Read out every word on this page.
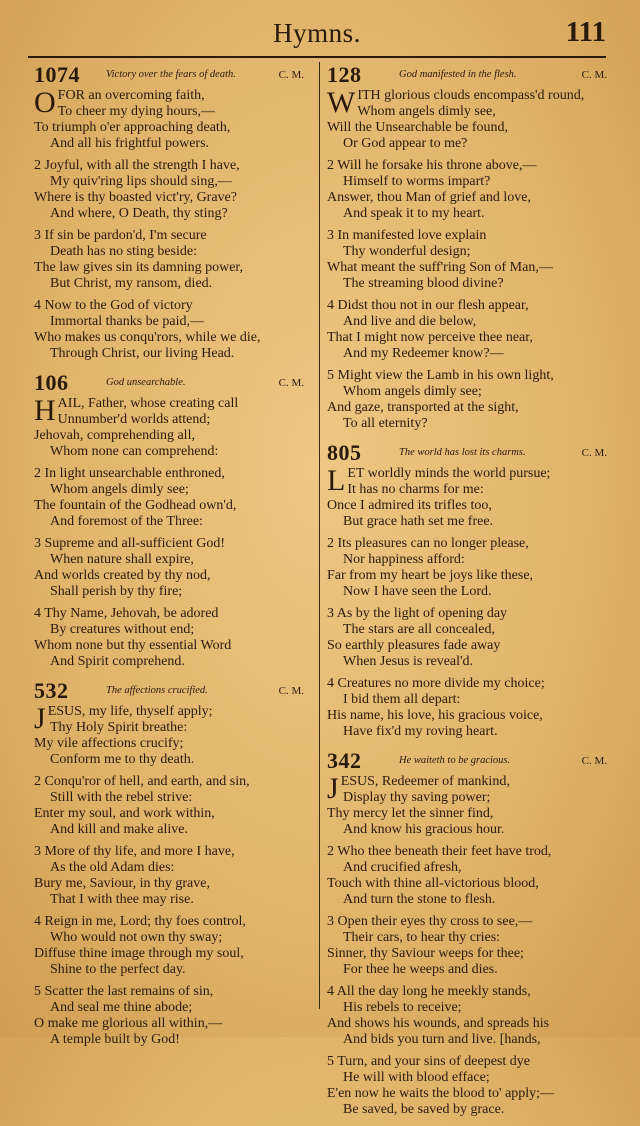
Hymns.	111
1074 Victory over the fears of death.	C. M.
OFOR an overcoming faith,
To cheer my dying hours,—
To triumph o'er approaching death,
And all his frightful powers.
2 Joyful, with all the strength I have,
My quiv'ring lips should sing,—
Where is thy boasted vict'ry, Grave?
And where, O Death, thy sting?
3 If sin be pardon'd, I'm secure
Death has no sting beside:
The law gives sin its damning power,
But Christ, my ransom, died.
4 Now to the God of victory
Immortal thanks be paid,—
Who makes us conqu'rors, while we die,
Through Christ, our living Head.
106	God unsearchable.	C. M.
HAIL, Father, whose creating call
Unnumber'd worlds attend;
Jehovah, comprehending all,
Whom none can comprehend:
2 In light unsearchable enthroned,
Whom angels dimly see;
The fountain of the Godhead own'd,
And foremost of the Three:
3 Supreme and all-sufficient God!
When nature shall expire,
And worlds created by thy nod,
Shall perish by thy fire;
4 Thy Name, Jehovah, be adored
By creatures without end;
Whom none but thy essential Word
And Spirit comprehend.
532	The affections crucified.	C. M.
JESUS, my life, thyself apply;
Thy Holy Spirit breathe:
My vile affections crucify;
Conform me to thy death.
2 Conqu'ror of hell, and earth, and sin,
Still with the rebel strive:
Enter my soul, and work within,
And kill and make alive.
3 More of thy life, and more I have,
As the old Adam dies:
Bury me, Saviour, in thy grave,
That I with thee may rise.
4 Reign in me, Lord; thy foes control,
Who would not own thy sway;
Diffuse thine image through my soul,
Shine to the perfect day.
5 Scatter the last remains of sin,
And seal me thine abode;
O make me glorious all within,—
A temple built by God!
128	God manifested in the flesh.	C. M.
WITH glorious clouds encompass'd round,
Whom angels dimly see,
Will the Unsearchable be found,
Or God appear to me?
2 Will he forsake his throne above,—
Himself to worms impart?
Answer, thou Man of grief and love,
And speak it to my heart.
3 In manifested love explain
Thy wonderful design;
What meant the suff'ring Son of Man,—
The streaming blood divine?
4 Didst thou not in our flesh appear,
And live and die below,
That I might now perceive thee near,
And my Redeemer know?—
5 Might view the Lamb in his own light,
Whom angels dimly see;
And gaze, transported at the sight,
To all eternity?
805	The world has lost its charms.	C. M.
LET worldly minds the world pursue;
It has no charms for me:
Once I admired its trifles too,
But grace hath set me free.
2 Its pleasures can no longer please,
Nor happiness afford:
Far from my heart be joys like these,
Now I have seen the Lord.
3 As by the light of opening day
The stars are all concealed,
So earthly pleasures fade away
When Jesus is reveal'd.
4 Creatures no more divide my choice;
I bid them all depart:
His name, his love, his gracious voice,
Have fix'd my roving heart.
342	He waiteth to be gracious.	C. M.
JESUS, Redeemer of mankind,
Display thy saving power;
Thy mercy let the sinner find,
And know his gracious hour.
2 Who thee beneath their feet have trod,
And crucified afresh,
Touch with thine all-victorious blood,
And turn the stone to flesh.
3 Open their eyes thy cross to see,—
Their cars, to hear thy cries:
Sinner, thy Saviour weeps for thee;
For thee he weeps and dies.
4 All the day long he meekly stands,
His rebels to receive;
And shows his wounds, and spreads his
And bids you turn and live. [hands,
5 Turn, and your sins of deepest dye
He will with blood efface;
E'en now he waits the blood to' apply;—
Be saved, be saved by grace.
